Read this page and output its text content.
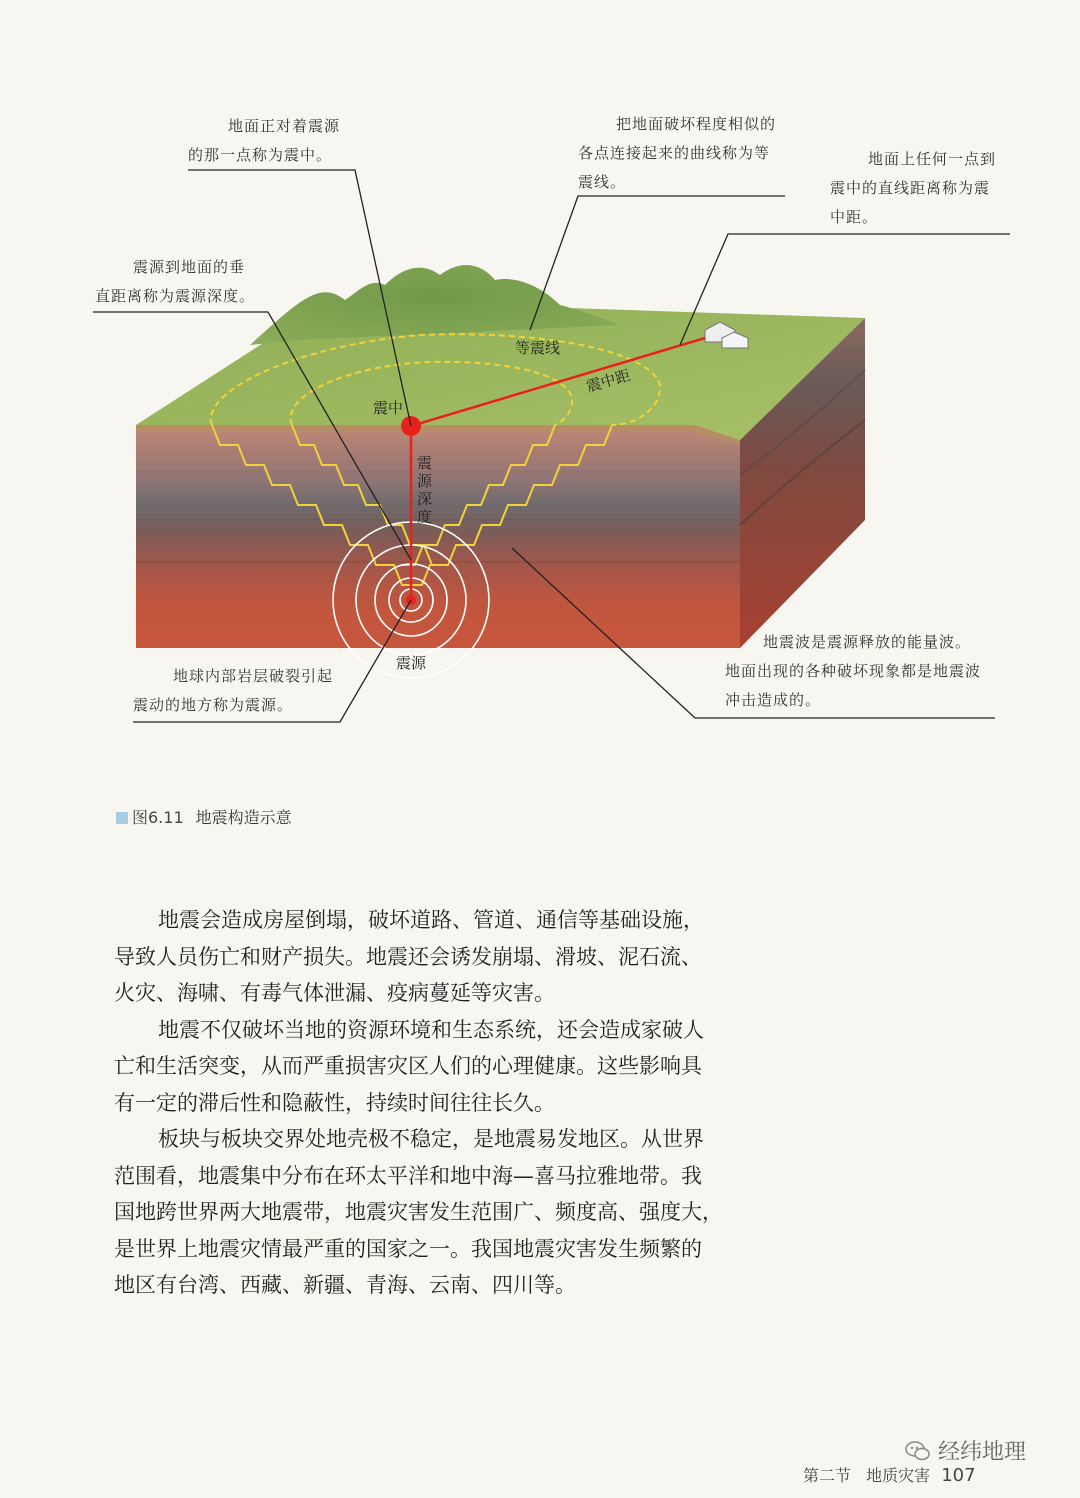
等震线
震中距
震中
震
源
深
度
震源

地面正对着震源

的那一点称为震中。

把地面破坏程度相似的

各点连接起来的曲线称为等

震线。

地面上任何一点到

震中的直线距离称为震

中距。

震源到地面的垂

直距离称为震源深度。

地球内部岩层破裂引起

震动的地方称为震源。

地震波是震源释放的能量波。

地面出现的各种破坏现象都是地震波

冲击造成的。

图6.11 地震构造示意
地震会造成房屋倒塌，破坏道路、管道、通信等基础设施，
导致人员伤亡和财产损失。地震还会诱发崩塌、滑坡、泥石流、
火灾、海啸、有毒气体泄漏、疫病蔓延等灾害。
地震不仅破坏当地的资源环境和生态系统，还会造成家破人
亡和生活突变，从而严重损害灾区人们的心理健康。这些影响具
有一定的滞后性和隐蔽性，持续时间往往长久。
板块与板块交界处地壳极不稳定，是地震易发地区。从世界
范围看，地震集中分布在环太平洋和地中海—喜马拉雅地带。我
国地跨世界两大地震带，地震灾害发生范围广、频度高、强度大，
是世界上地震灾情最严重的国家之一。我国地震灾害发生频繁的
地区有台湾、西藏、新疆、青海、云南、四川等。
经纬地理
第二节 地质灾害 107
